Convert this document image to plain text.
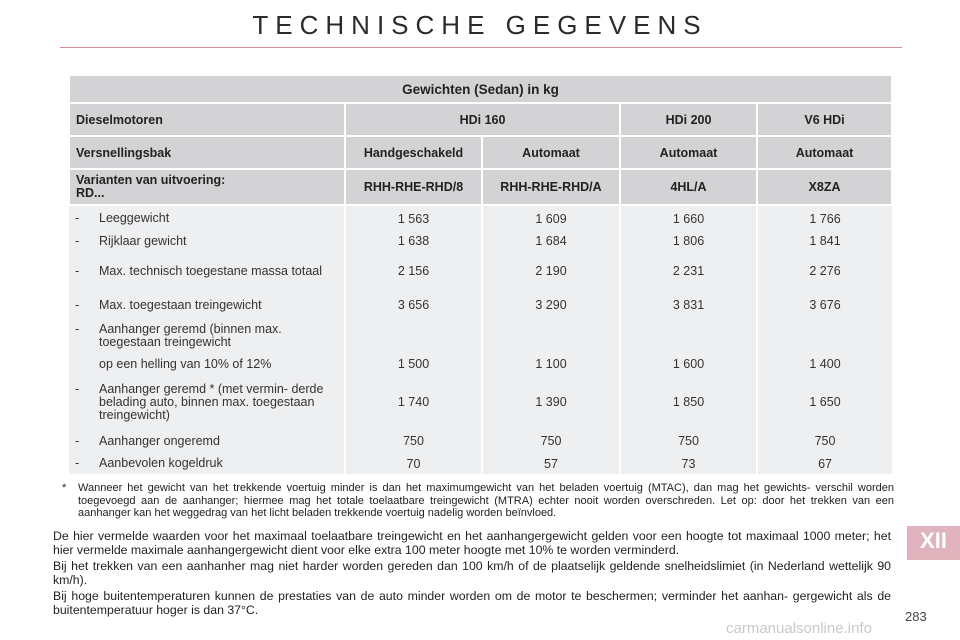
TECHNISCHE GEGEVENS
Gewichten (Sedan) in kg				
Dieselmotoren	HDi 160		HDi 200	V6 HDi
Versnellingsbak	Handgeschakeld	Automaat	Automaat	Automaat
Varianten van uitvoering:
RD...	RHH-RHE-RHD/8	RHH-RHE-RHD/A	4HL/A	X8ZA

- Leeggewicht	1 563	1 609	1 660	1 766

- Rijklaar gewicht	1 638	1 684	1 806	1 841

- Max. technisch toegestane massa totaal	2 156	2 190	2 231	2 276

- Max. toegestaan treingewicht	3 656	3 290	3 831	3 676

- Aanhanger geremd (binnen max. toegestaan treingewicht				

op een helling van 10% of 12%	1 500	1 100	1 600	1 400

- Aanhanger geremd * (met vermin- derde belading auto, binnen max. toegestaan treingewicht)	1 740	1 390	1 850	1 650

- Aanhanger ongeremd	750	750	750	750

- Aanbevolen kogeldruk	70	57	73	67
* Wanneer het gewicht van het trekkende voertuig minder is dan het maximumgewicht van het beladen voertuig (MTAC), dan mag het gewichts- verschil worden toegevoegd aan de aanhanger; hiermee mag het totale toelaatbare treingewicht (MTRA) echter nooit worden overschreden. Let op: door het trekken van een aanhanger kan het weggedrag van het licht beladen trekkende voertuig nadelig worden beïnvloed.

De hier vermelde waarden voor het maximaal toelaatbare treingewicht en het aanhangergewicht gelden voor een hoogte tot maximaal 1000 meter; het hier vermelde maximale aanhangergewicht dient voor elke extra 100 meter hoogte met 10% te worden verminderd.

Bij het trekken van een aanhanher mag niet harder worden gereden dan 100 km/h of de plaatselijk geldende snelheidslimiet (in Nederland wettelijk 90 km/h).

Bij hoge buitentemperaturen kunnen de prestaties van de auto minder worden om de motor te beschermen; verminder het aanhan- gergewicht als de buitentemperatuur hoger is dan 37°C.

XII
283
carmanualsonline.info
